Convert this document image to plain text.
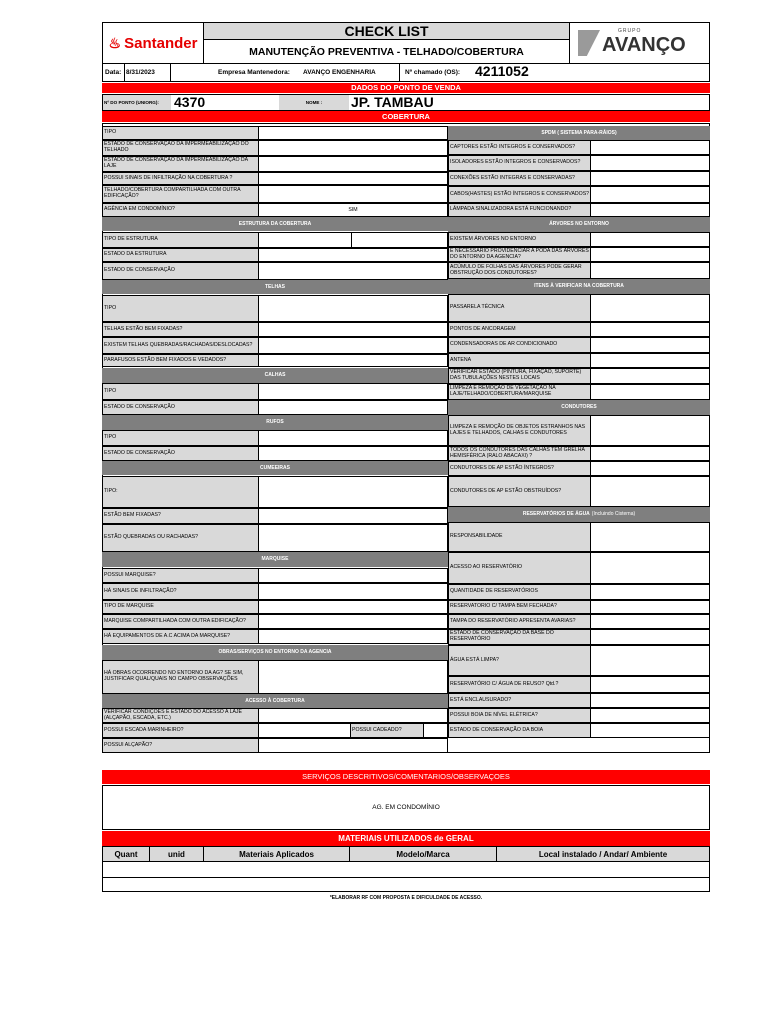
♨ Santander
CHECK LIST
MANUTENÇÃO PREVENTIVA - TELHADO/COBERTURA
GRUPO
AVANÇO
Data: 8/31/2023	Empresa Mantenedora: AVANÇO ENGENHARIA	Nº chamado (OS): 4211052
DADOS DO PONTO DE VENDA
Nº DO PONTO (UNIORG):	4370	NOME :	JP. TAMBAU
COBERTURA
TIPO
ESTADO DE CONSERVAÇÃO DA IMPERMEABILIZAÇÃO DO TELHADO
ESTADO DE CONSERVAÇÃO DA IMPERMEABILIZAÇÃO DA LAJE
POSSUI SINAIS DE INFILTRAÇÃO NA COBERTURA ?
TELHADO/COBERTURA COMPARTILHADA COM OUTRA EDIFICAÇÃO?
AGÊNCIA EM CONDOMÍNIO?	SIM
ESTRUTURA DA COBERTURA
TIPO DE ESTRUTURA
ESTADO DA ESTRUTURA
ESTADO DE CONSERVAÇÃO
TELHAS
TIPO
TELHAS ESTÃO BEM FIXADAS?
EXISTEM TELHAS QUEBRADAS/RACHADAS/DESLOCADAS?
PARAFUSOS ESTÃO BEM FIXADOS E VEDADOS?
CALHAS
TIPO
ESTADO DE CONSERVAÇÃO
RUFOS
TIPO
ESTADO DE CONSERVAÇÃO
CUMEEIRAS
TIPO:
ESTÃO BEM FIXADAS?
ESTÃO QUEBRADAS OU RACHADAS?
MARQUISE
POSSUI MARQUISE?
HÁ SINAIS DE INFILTRAÇÃO?
TIPO DE MARQUISE
MARQUISE COMPARTILHADA COM OUTRA EDIFICAÇÃO?
HÁ EQUIPAMENTOS DE A.C ACIMA DA MARQUISE?
OBRAS/SERVIÇOS NO ENTORNO DA AGENCIA
HÁ OBRAS OCORRENDO NO ENTORNO DA AG? SE SIM, JUSTIFICAR QUAL/QUAIS NO CAMPO OBSERVAÇÕES
ACESSO À COBERTURA
VERIFICAR CONDIÇÕES E ESTADO DO ACESSO A LAJE (ALÇAPÃO, ESCADA, ETC.)
POSSUI ESCADA MARINHEIRO?	POSSUI CADEADO?
POSSUI ALÇAPÃO?
SPDM ( SISTEMA PARA-RÁIOS)
CAPTORES ESTÃO INTEGROS E CONSERVADOS?
ISOLADORES ESTÃO INTEGROS E CONSERVADOS?
CONEXÕES ESTÃO INTEGRAS E CONSERVADAS?
CABOS(HASTES) ESTÃO ÍNTEGROS E CONSERVADOS?
LÂMPADA SINALIZADORA ESTÁ FUNCIONANDO?
ÁRVORES NO ENTORNO
EXISTEM ÁRVORES NO ENTORNO
É NECESSÁRIO PROVIDENCIAR A PODA DAS ÁRVORES DO ENTORNO DA AGENCIA?
ACÚMULO DE FOLHAS DAS ÁRVORES PODE GERAR OBSTRUÇÃO DOS CONDUTORES?
ITENS À VERIFICAR NA COBERTURA
PASSARELA TÉCNICA
PONTOS DE ANCORAGEM
CONDENSADORAS DE AR CONDICIONADO
ANTENA
VERIFICAR ESTADO (PINTURA, FIXAÇÃO, SUPORTE) DAS TUBULAÇÕES NESTES LOCAIS
LIMPEZA E REMOÇÃO DE VEGETAÇÃO NA LAJE/TELHADO/COBERTURA/MARQUISE
CONDUTORES
LIMPEZA E REMOÇÃO DE OBJETOS ESTRANHOS NAS LAJES E TELHADOS, CALHAS E CONDUTORES
TODOS OS CONDUTORES DAS CALHAS TEM GRELHA HEMISFÉRICA (RALO ABACAXI) ?
CONDUTORES DE AP ESTÃO ÍNTEGROS?
CONDUTORES DE AP ESTÃO OBSTRUÍDOS?
RESERVATÓRIOS DE ÁGUA (Incluindo Cisterna)
RESPONSABILIDADE
ACESSO AO RESERVATÓRIO
QUANTIDADE DE RESERVATÓRIOS
RESERVATORIO C/ TAMPA BEM FECHADA?
TAMPA DO RESERVATÓRIO APRESENTA AVARIAS?
ESTADO DE CONSERVAÇÃO DA BASE DO RESERVATÓRIO
ÁGUA ESTÁ LIMPA?
RESERVATÓRIO C/ ÁGUA DE REUSO? Qtd.?
ESTÁ ENCLAUSURADO?
POSSUI BOIA DE NÍVEL ELÉTRICA?
ESTADO DE CONSERVAÇÃO DA BOIA
SERVIÇOS DESCRITIVOS/COMENTARIOS/OBSERVAÇOES
AG. EM CONDOMÍNIO
MATERIAIS UTILIZADOS de GERAL
Quant	unid	Materiais Aplicados	Modelo/Marca	Local instalado / Andar/ Ambiente
*ELABORAR RF COM PROPOSTA E DIFICULDADE DE ACESSO.
